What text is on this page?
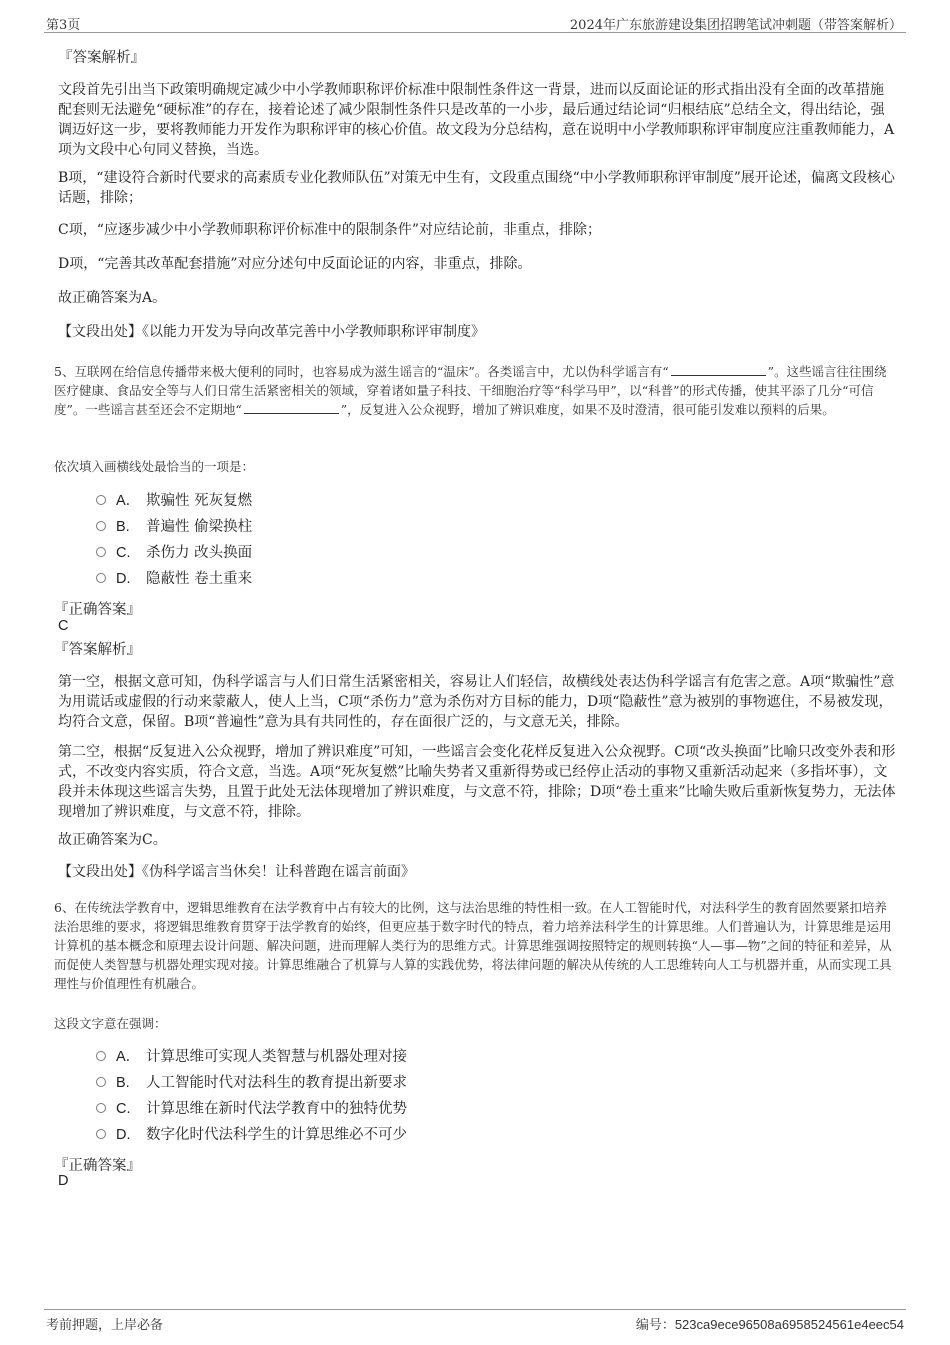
第3页	2024年广东旅游建设集团招聘笔试冲刺题（带答案解析）
『答案解析』
文段首先引出当下政策明确规定减少中小学教师职称评价标准中限制性条件这一背景，进而以反面论证的形式指出没有全面的改革措施配套则无法避免“硬标准”的存在，接着论述了减少限制性条件只是改革的一小步，最后通过结论词“归根结底”总结全文，得出结论，强调迈好这一步，要将教师能力开发作为职称评审的核心价值。故文段为分总结构，意在说明中小学教师职称评审制度应注重教师能力，A项为文段中心句同义替换，当选。
B项，“建设符合新时代要求的高素质专业化教师队伍”对策无中生有，文段重点围绕“中小学教师职称评审制度”展开论述，偏离文段核心话题，排除；
C项，“应逐步减少中小学教师职称评价标准中的限制条件”对应结论前，非重点，排除；
D项，“完善其改革配套措施”对应分述句中反面论证的内容，非重点，排除。
故正确答案为A。
【文段出处】《以能力开发为导向改革完善中小学教师职称评审制度》
5、互联网在给信息传播带来极大便利的同时，也容易成为滋生谣言的“温床”。各类谣言中，尤以伪科学谣言有“	”。这些谣言往往围绕医疗健康、食品安全等与人们日常生活紧密相关的领域，穿着诸如量子科技、干细胞治疗等“科学马甲”，以“科普”的形式传播，使其平添了几分“可信度”。一些谣言甚至还会不定期地“	”，反复进入公众视野，增加了辨识难度，如果不及时澄清，很可能引发难以预料的后果。
依次填入画横线处最恰当的一项是：
A． 欺骗性 死灰复燃
B. 普遍性 偷梁换柱
C. 杀伤力 改头换面
D. 隐蔽性 卷土重来
『正确答案』
C
『答案解析』
第一空，根据文意可知，伪科学谣言与人们日常生活紧密相关，容易让人们轻信，故横线处表达伪科学谣言有危害之意。A项“欺骗性”意为用谎话或虚假的行动来蒙蔽人，使人上当，C项“杀伤力”意为杀伤对方目标的能力，D项“隐蔽性”意为被别的事物遮住，不易被发现，均符合文意，保留。B项“普遍性”意为具有共同性的，存在面很广泛的，与文意无关，排除。
第二空，根据“反复进入公众视野，增加了辨识难度”可知，一些谣言会变化花样反复进入公众视野。C项“改头换面”比喻只改变外表和形式，不改变内容实质，符合文意，当选。A项“死灰复燃”比喻失势者又重新得势或已经停止活动的事物又重新活动起来（多指坏事），文段并未体现这些谣言失势，且置于此处无法体现增加了辨识难度，与文意不符，排除；D项“卷土重来”比喻失败后重新恢复势力，无法体现增加了辨识难度，与文意不符，排除。
故正确答案为C。
【文段出处】《伪科学谣言当休矣！让科普跑在谣言前面》
6、在传统法学教育中，逻辑思维教育在法学教育中占有较大的比例，这与法治思维的特性相一致。在人工智能时代，对法科学生的教育固然要紧扣培养法治思维的要求，将逻辑思维教育贯穿于法学教育的始终，但更应基于数字时代的特点，着力培养法科学生的计算思维。人们普遍认为，计算思维是运用计算机的基本概念和原理去设计问题、解决问题，进而理解人类行为的思维方式。计算思维强调按照特定的规则转换“人—事—物”之间的特征和差异，从而促使人类智慧与机器处理实现对接。计算思维融合了机算与人算的实践优势，将法律问题的解决从传统的人工思维转向人工与机器并重，从而实现工具理性与价值理性有机融合。
这段文字意在强调：
A． 计算思维可实现人类智慧与机器处理对接
B. 人工智能时代对法科生的教育提出新要求
C. 计算思维在新时代法学教育中的独特优势
D. 数字化时代法科学生的计算思维必不可少
『正确答案』
D
考前押题，上岸必备	编号：523ca9ece96508a6958524561e4eec54
